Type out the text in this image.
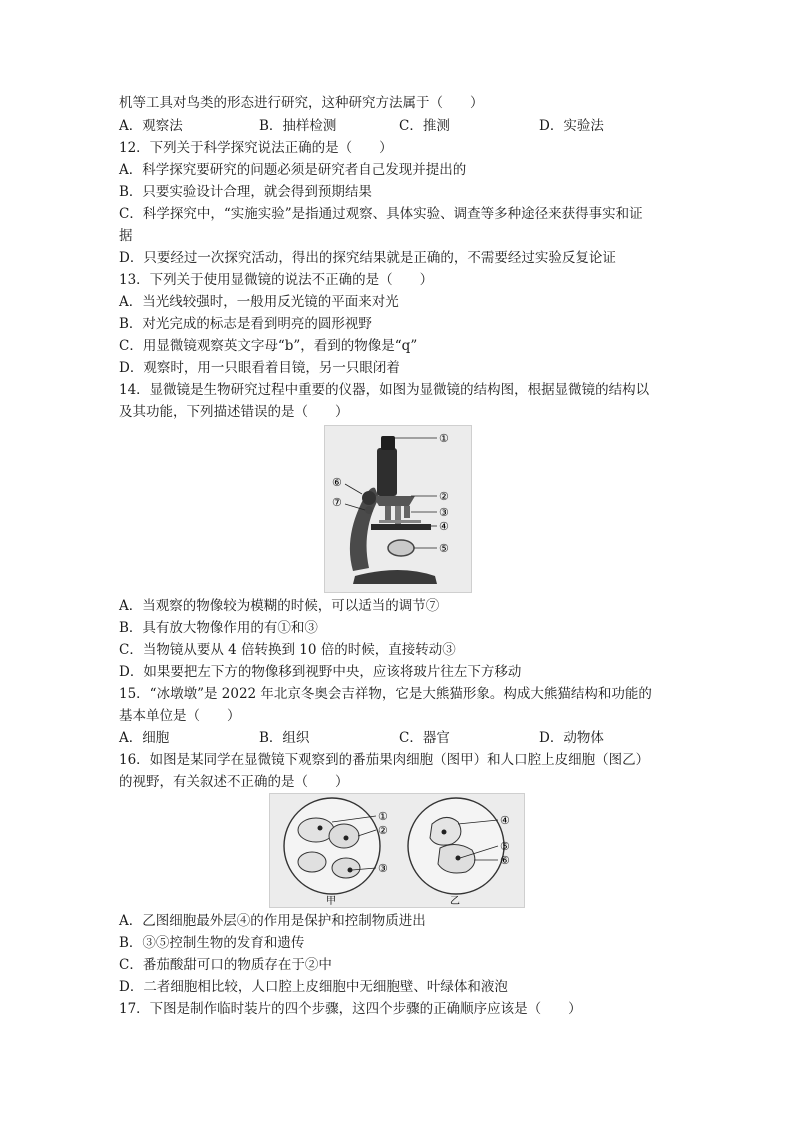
机等工具对鸟类的形态进行研究，这种研究方法属于（　　）
A．观察法	B．抽样检测	C．推测	D．实验法
12．下列关于科学探究说法正确的是（　　）
A．科学探究要研究的问题必须是研究者自己发现并提出的
B．只要实验设计合理，就会得到预期结果
C．科学探究中，“实施实验”是指通过观察、具体实验、调查等多种途径来获得事实和证
据
D．只要经过一次探究活动，得出的探究结果就是正确的，不需要经过实验反复论证
13．下列关于使用显微镜的说法不正确的是（　　）
A．当光线较强时，一般用反光镜的平面来对光
B．对光完成的标志是看到明亮的圆形视野
C．用显微镜观察英文字母“b”，看到的物像是“q”
D．观察时，用一只眼看着目镜，另一只眼闭着
14．显微镜是生物研究过程中重要的仪器，如图为显微镜的结构图，根据显微镜的结构以
及其功能，下列描述错误的是（　　）
①
②
③
④
⑤
⑥
⑦
A．当观察的物像较为模糊的时候，可以适当的调节⑦
B．具有放大物像作用的有①和③
C．当物镜从要从 4 倍转换到 10 倍的时候，直接转动③
D．如果要把左下方的物像移到视野中央，应该将玻片往左下方移动
15．“冰墩墩”是 2022 年北京冬奥会吉祥物，它是大熊猫形象。构成大熊猫结构和功能的
基本单位是（　　）
A．细胞	B．组织	C．器官	D．动物体
16．如图是某同学在显微镜下观察到的番茄果肉细胞（图甲）和人口腔上皮细胞（图乙）
的视野，有关叙述不正确的是（　　）
①
②
③
甲
④
⑤
⑥
乙
A．乙图细胞最外层④的作用是保护和控制物质进出
B．③⑤控制生物的发育和遗传
C．番茄酸甜可口的物质存在于②中
D．二者细胞相比较，人口腔上皮细胞中无细胞壁、叶绿体和液泡
17．下图是制作临时装片的四个步骤，这四个步骤的正确顺序应该是（　　）
